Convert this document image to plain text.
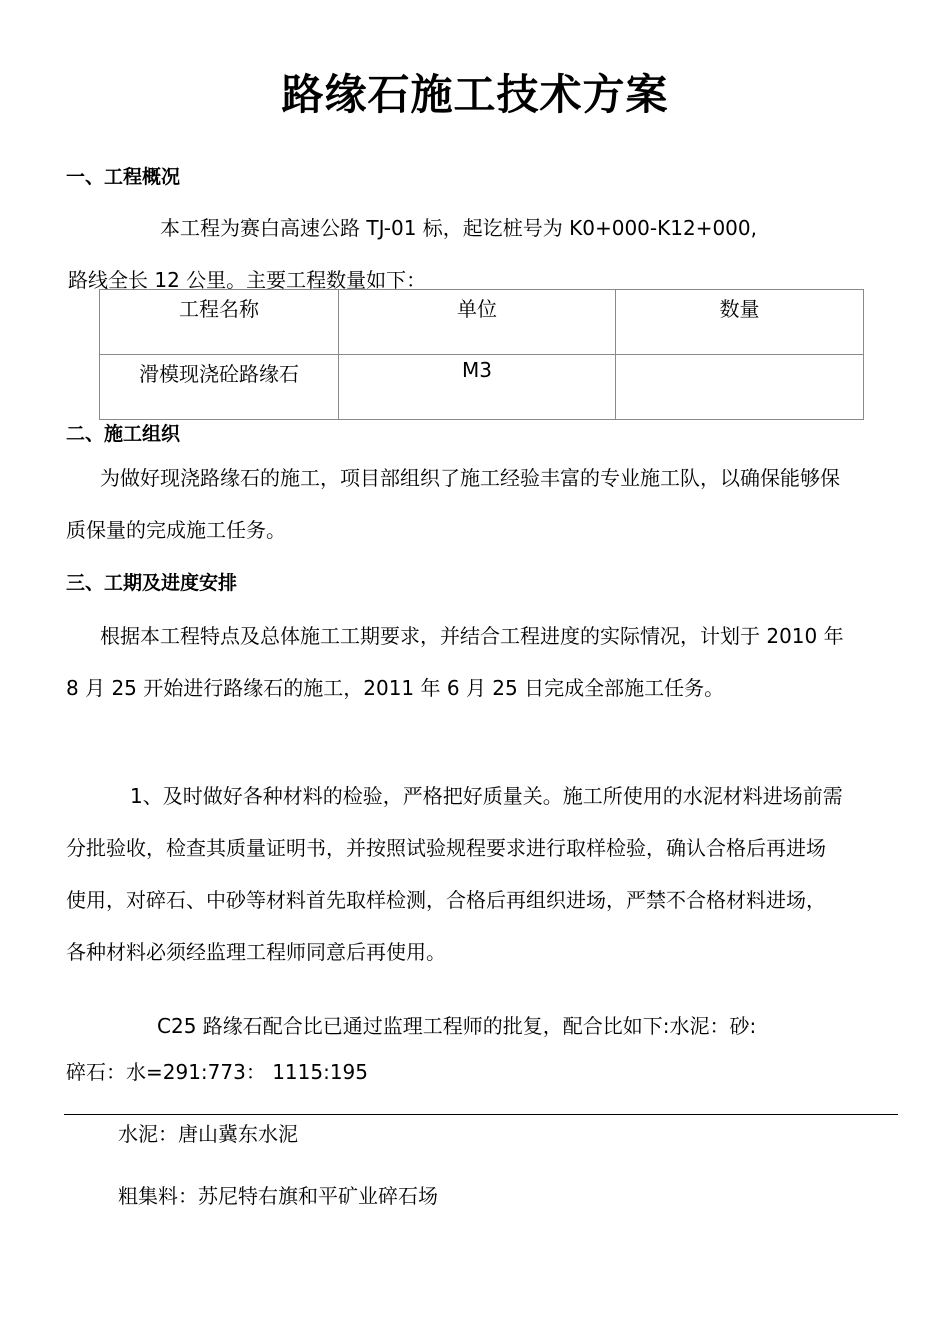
路缘石施工技术方案
一、工程概况
本工程为赛白高速公路 TJ-01 标，起讫桩号为 K0+000-K12+000,
路线全长 12 公里。主要工程数量如下：
工程名称	单位	数量
滑模现浇砼路缘石	M3	
二、施工组织
为做好现浇路缘石的施工，项目部组织了施工经验丰富的专业施工队，以确保能够保
质保量的完成施工任务。
三、工期及进度安排
根据本工程特点及总体施工工期要求，并结合工程进度的实际情况，计划于 2010 年
8 月 25 开始进行路缘石的施工，2011 年 6 月 25 日完成全部施工任务。
1、及时做好各种材料的检验，严格把好质量关。施工所使用的水泥材料进场前需
分批验收，检查其质量证明书，并按照试验规程要求进行取样检验，确认合格后再进场
使用，对碎石、中砂等材料首先取样检测，合格后再组织进场，严禁不合格材料进场，
各种材料必须经监理工程师同意后再使用。
C25 路缘石配合比已通过监理工程师的批复，配合比如下:水泥：砂:
碎石：水=291:773： 1115:195
水泥：唐山冀东水泥
粗集料：苏尼特右旗和平矿业碎石场
